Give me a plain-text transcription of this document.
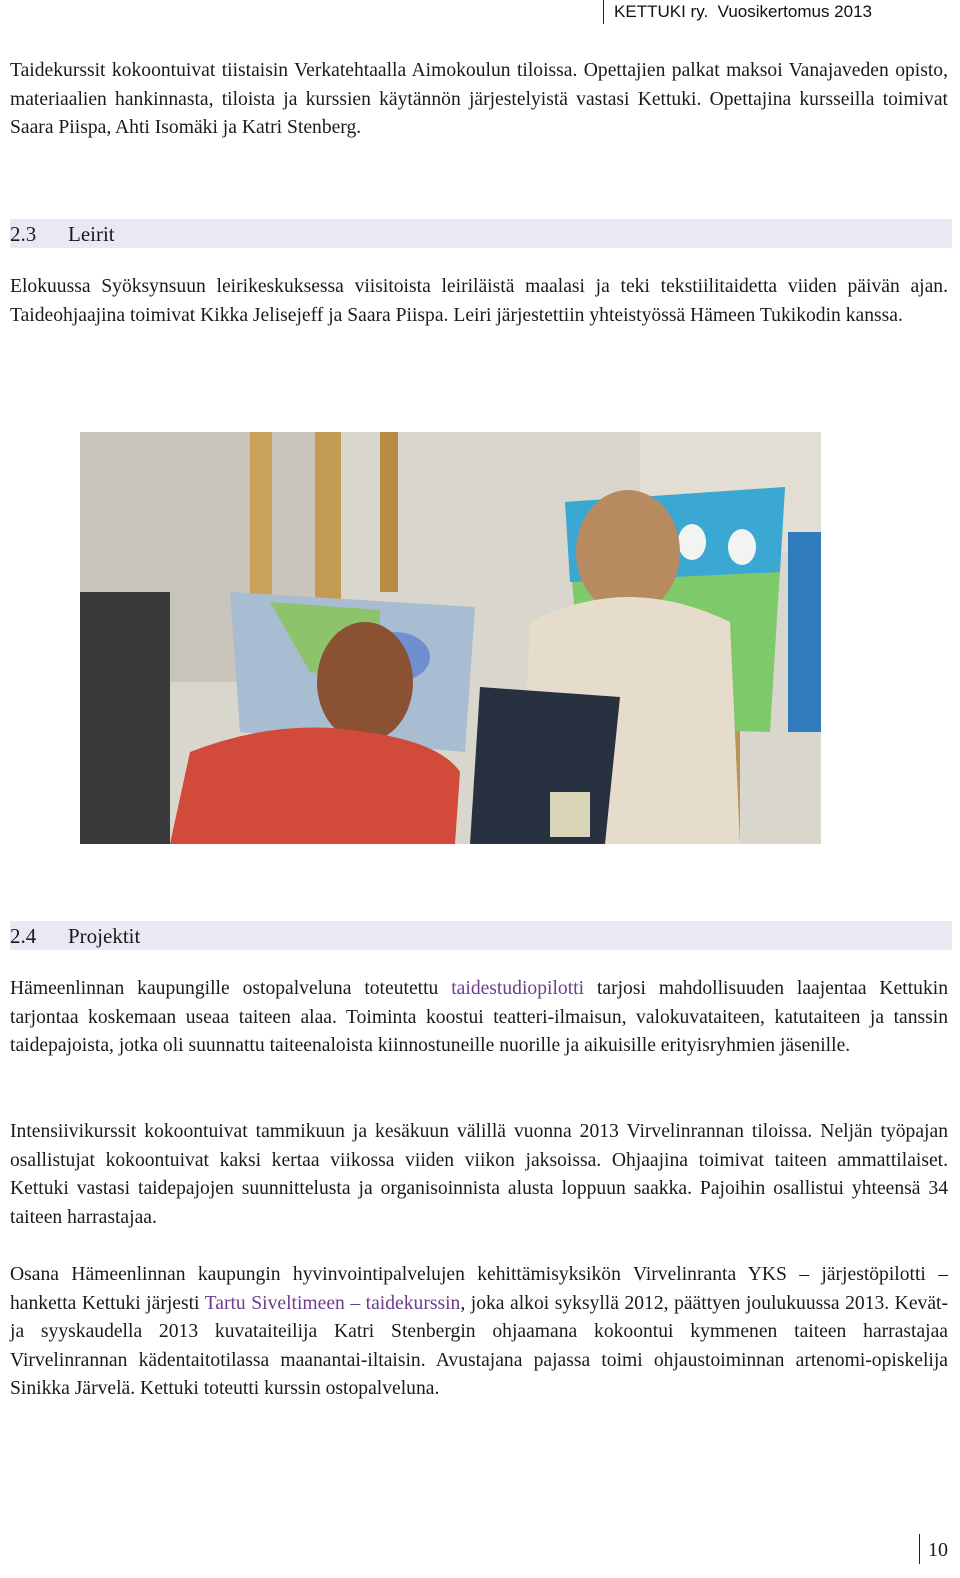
KETTUKI ry. Vuosikertomus 2013

Taidekurssit kokoontuivat tiistaisin Verkatehtaalla Aimokoulun tiloissa. Opettajien palkat maksoi Vanajaveden opisto, materiaalien hankinnasta, tiloista ja kurssien käytännön järjestelyistä vastasi Kettuki. Opettajina kursseilla toimivat Saara Piispa, Ahti Isomäki ja Katri Stenberg.

2.3 Leirit

Elokuussa Syöksynsuun leirikeskuksessa viisitoista leiriläistä maalasi ja teki tekstiilitaidetta viiden päivän ajan. Taideohjaajina toimivat Kikka Jelisejeff ja Saara Piispa. Leiri järjestettiin yhteistyössä Hämeen Tukikodin kanssa.

2.4 Projektit

Hämeenlinnan kaupungille ostopalveluna toteutettu taidestudiopilotti tarjosi mahdollisuuden laajentaa Kettukin tarjontaa koskemaan useaa taiteen alaa. Toiminta koostui teatteri-ilmaisun, valokuvataiteen, katutaiteen ja tanssin taidepajoista, jotka oli suunnattu taiteenaloista kiinnostuneille nuorille ja aikuisille erityisryhmien jäsenille.

Intensiivikurssit kokoontuivat tammikuun ja kesäkuun välillä vuonna 2013 Virvelinrannan tiloissa. Neljän työpajan osallistujat kokoontuivat kaksi kertaa viikossa viiden viikon jaksoissa. Ohjaajina toimivat taiteen ammattilaiset. Kettuki vastasi taidepajojen suunnittelusta ja organisoinnista alusta loppuun saakka. Pajoihin osallistui yhteensä 34 taiteen harrastajaa.

Osana Hämeenlinnan kaupungin hyvinvointipalvelujen kehittämisyksikön Virvelinranta YKS – järjestöpilotti – hanketta Kettuki järjesti Tartu Siveltimeen – taidekurssin, joka alkoi syksyllä 2012, päättyen joulukuussa 2013. Kevät- ja syyskaudella 2013 kuvataiteilija Katri Stenbergin ohjaamana kokoontui kymmenen taiteen harrastajaa Virvelinrannan kädentaitotilassa maanantai-iltaisin. Avustajana pajassa toimi ohjaustoiminnan artenomi-opiskelija Sinikka Järvelä. Kettuki toteutti kurssin ostopalveluna.

10
